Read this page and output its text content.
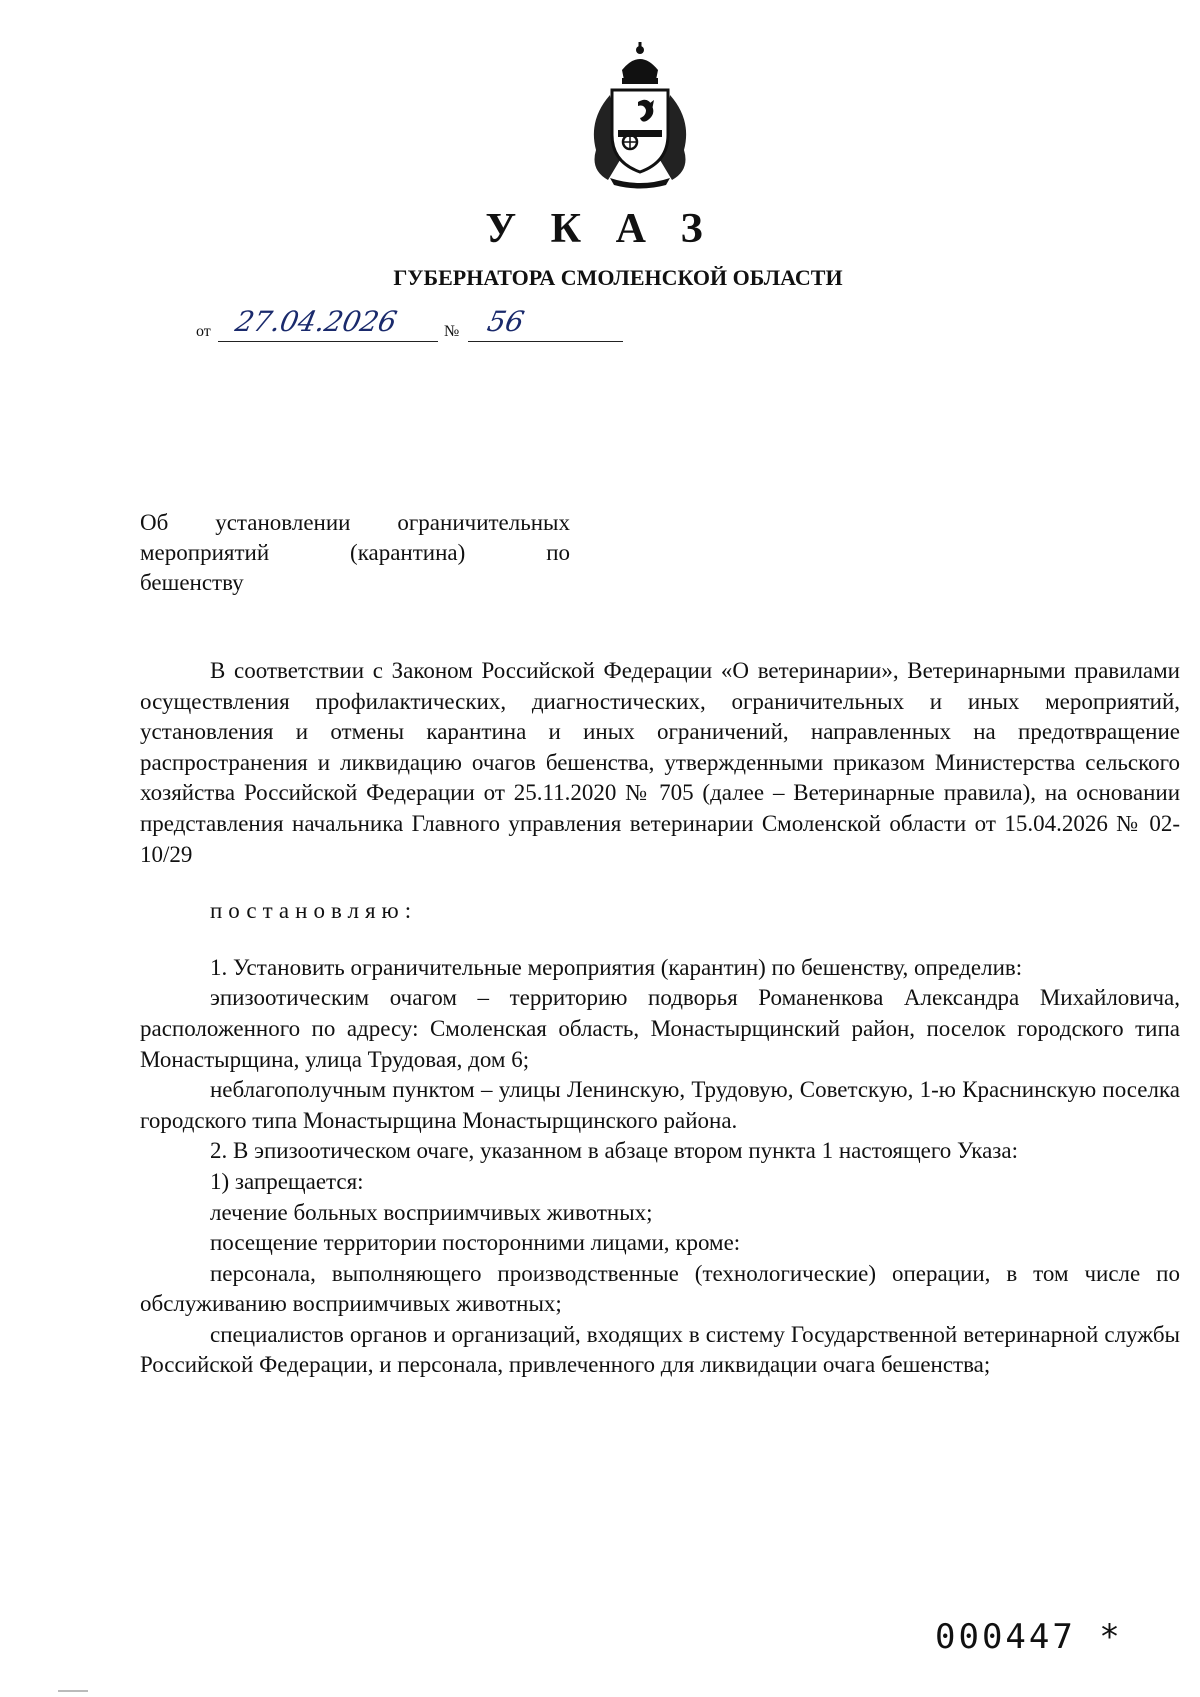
У К А З
ГУБЕРНАТОРА СМОЛЕНСКОЙ ОБЛАСТИ
от 27.04.2026	№ 56
Об установлении ограничительных
мероприятий (карантина) по
бешенству

В соответствии с Законом Российской Федерации «О ветеринарии», Ветеринарными правилами осуществления профилактических, диагностических, ограничительных и иных мероприятий, установления и отмены карантина и иных ограничений, направленных на предотвращение распространения и ликвидацию очагов бешенства, утвержденными приказом Министерства сельского хозяйства Российской Федерации от 25.11.2020 № 705 (далее – Ветеринарные правила), на основании представления начальника Главного управления ветеринарии Смоленской области от 15.04.2026 № 02-10/29

постановляю:

1. Установить ограничительные мероприятия (карантин) по бешенству, определив:

эпизоотическим очагом – территорию подворья Романенкова Александра Михайловича, расположенного по адресу: Смоленская область, Монастырщинский район, поселок городского типа Монастырщина, улица Трудовая, дом 6;

неблагополучным пунктом – улицы Ленинскую, Трудовую, Советскую, 1-ю Краснинскую поселка городского типа Монастырщина Монастырщинского района.

2. В эпизоотическом очаге, указанном в абзаце втором пункта 1 настоящего Указа:

1) запрещается:

лечение больных восприимчивых животных;

посещение территории посторонними лицами, кроме:

персонала, выполняющего производственные (технологические) операции, в том числе по обслуживанию восприимчивых животных;

специалистов органов и организаций, входящих в систему Государственной ветеринарной службы Российской Федерации, и персонала, привлеченного для ликвидации очага бешенства;

000447 *
